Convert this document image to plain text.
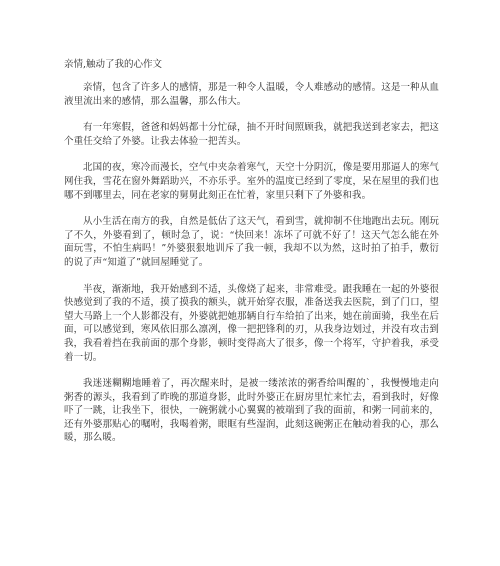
亲情,触动了我的心作文

亲情，包含了许多人的感情，那是一种令人温暖，令人难感动的感情。这是一种从血液里流出来的感情，那么温馨，那么伟大。

有一年寒假，爸爸和妈妈都十分忙碌，抽不开时间照顾我，就把我送到老家去，把这个重任交给了外婆。让我去体验一把苦头。

北国的夜，寒冷而漫长，空气中夹杂着寒气，天空十分阴沉，像是要用那逼人的寒气网住我，雪花在窗外舞蹈助兴，不亦乐乎。室外的温度已经到了零度，呆在屋里的我们也哪不到哪里去，同在老家的舅舅此刻正在忙着，家里只剩下了外婆和我。

从小生活在南方的我，自然是低估了这天气，看到雪，就抑制不住地跑出去玩。刚玩了不久，外婆看到了，顿时急了，说：“快回来！冻坏了可就不好了！这天气怎么能在外面玩雪，不怕生病吗！”外婆狠狠地训斥了我一顿，我却不以为然，这时拍了拍手，敷衍的说了声“知道了”就回屋睡觉了。

半夜，渐渐地，我开始感到不适，头像烧了起来，非常难受。跟我睡在一起的外婆很快感觉到了我的不适，摸了摸我的额头，就开始穿衣服，准备送我去医院，到了门口，望望大马路上一个人影都没有，外婆就把她那辆自行车给拍了出来，她在前面骑，我坐在后面，可以感觉到，寒风依旧那么凛冽，像一把把锋利的刃，从我身边划过，并没有攻击到我，我看着挡在我前面的那个身影，顿时变得高大了很多，像一个将军，守护着我，承受着一切。

我迷迷糊糊地睡着了，再次醒来时，是被一缕浓浓的粥香给叫醒的`，我慢慢地走向粥香的源头，我看到了昨晚的那道身影，此时外婆正在厨房里忙来忙去，看到我时，好像吓了一跳，让我坐下，很快，一碗粥就小心翼翼的被端到了我的面前，和粥一同前来的，还有外婆那贴心的嘱咐，我喝着粥，眼眶有些湿润，此刻这碗粥正在触动着我的心，那么暖，那么暖。
